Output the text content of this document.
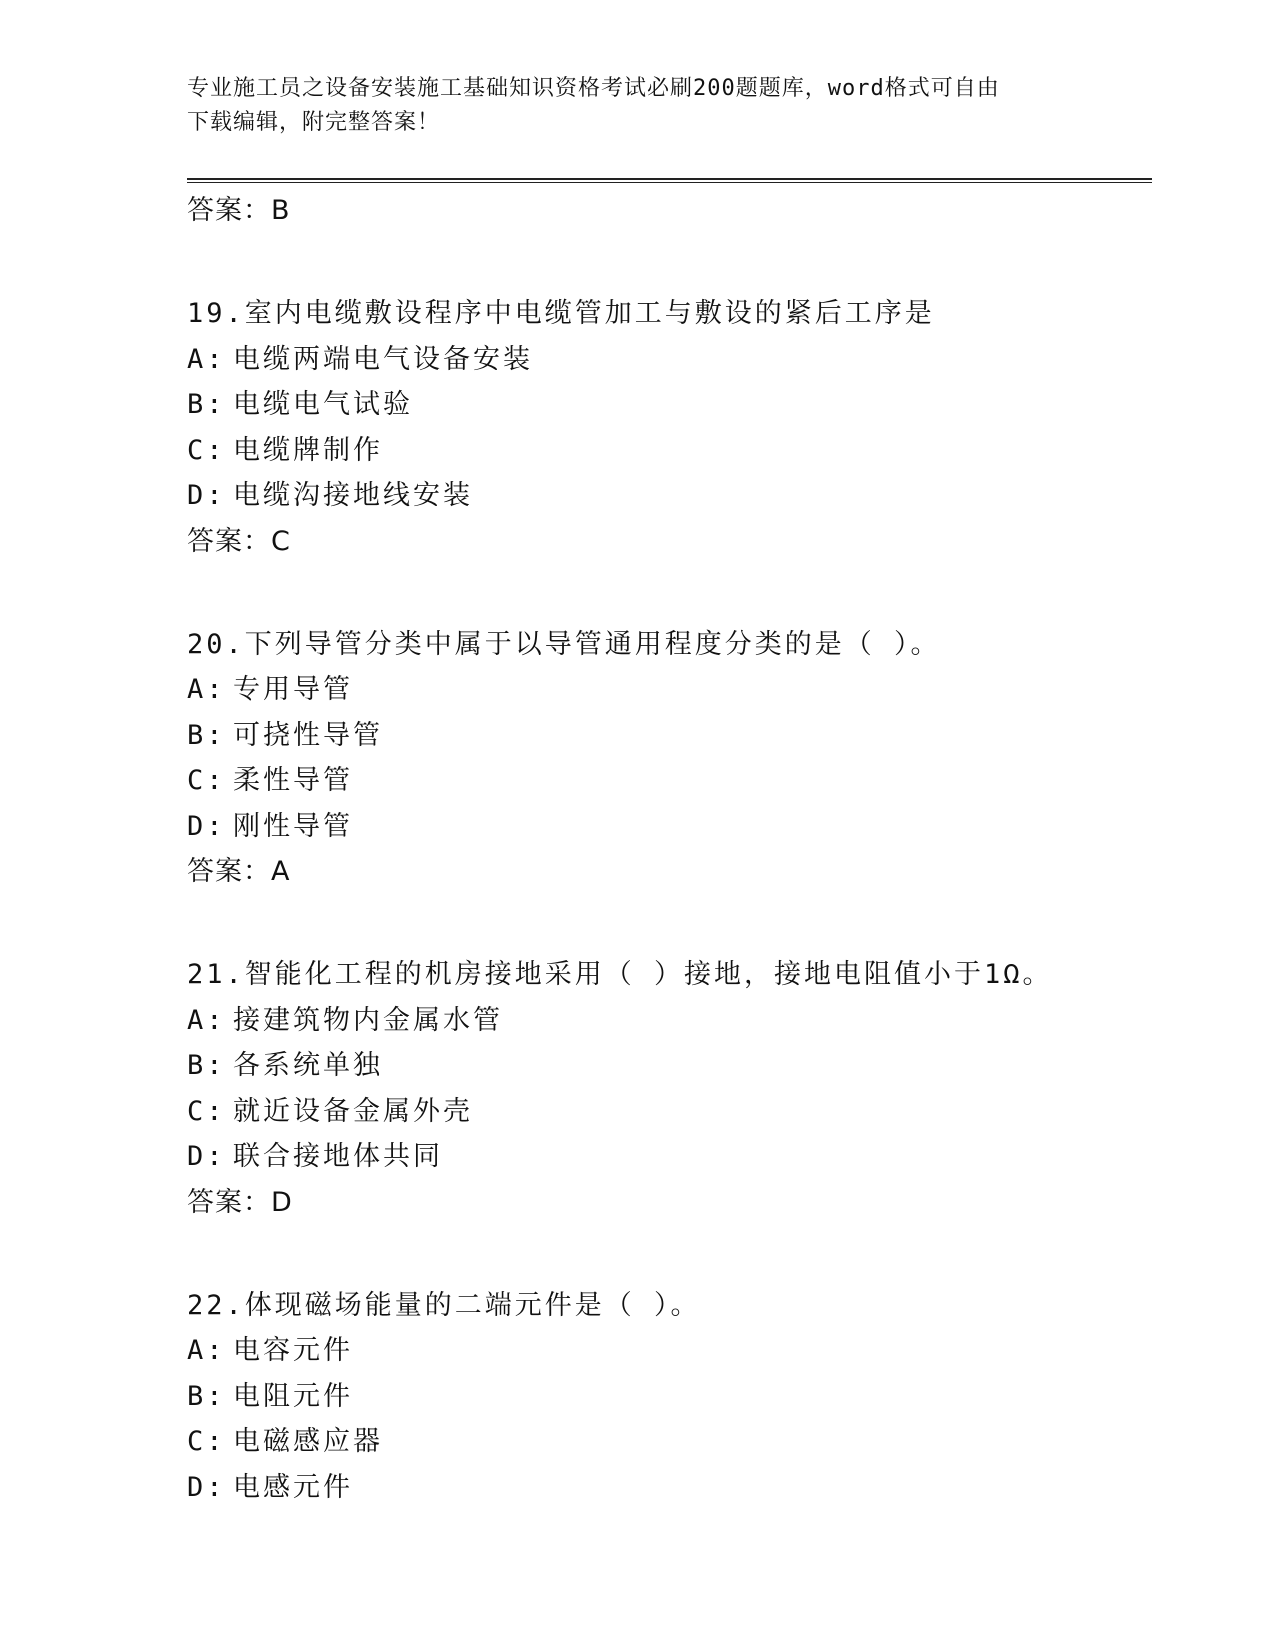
专业施工员之设备安装施工基础知识资格考试必刷200题题库，word格式可自由
下载编辑，附完整答案！
答案：B
19.室内电缆敷设程序中电缆管加工与敷设的紧后工序是
A: 电缆两端电气设备安装
B: 电缆电气试验
C: 电缆牌制作
D: 电缆沟接地线安装
答案：C
20.下列导管分类中属于以导管通用程度分类的是（ ）。
A: 专用导管
B: 可挠性导管
C: 柔性导管
D: 刚性导管
答案：A
21.智能化工程的机房接地采用（ ）接地，接地电阻值小于1Ω。
A: 接建筑物内金属水管
B: 各系统单独
C: 就近设备金属外壳
D: 联合接地体共同
答案：D
22.体现磁场能量的二端元件是（ ）。
A: 电容元件
B: 电阻元件
C: 电磁感应器
D: 电感元件
